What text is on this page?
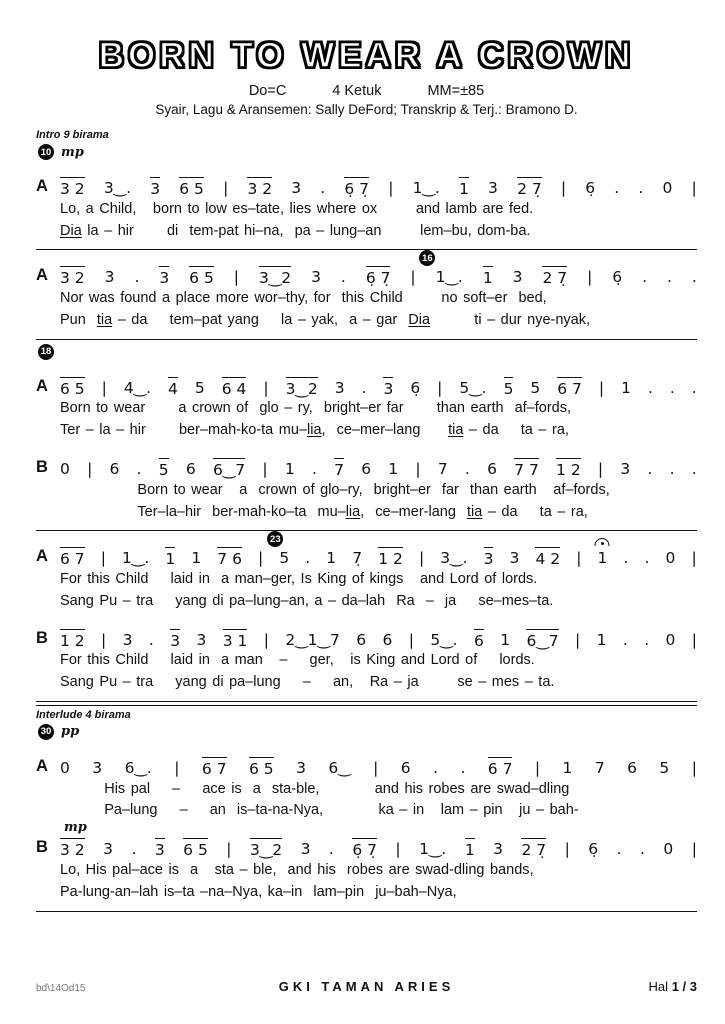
BORN TO WEAR A CROWN
Do=C	4 Ketuk	MM=±85
Syair, Lagu & Aransemen: Sally DeFord; Transkrip & Terj.: Bramono D.
Intro 9 birama
10 mp
A 3 2 3‿. 3 6 5 | 3 2 3 . 6̣ 7̣ | 1‿. 1 3 2 7̣ | 6̣ . . 0 |
Lo, a Child,   born to low es–tate, lies where ox       and lamb are fed.
Dia la – hir      di  tem-pat hi–na,  pa – lung–an       lem–bu, dom-ba.
16
A 3 2 3 . 3 6 5 | 3‿2 3 . 6̣ 7̣ | 1‿. 1 3 2 7̣ | 6̣ . . .
Nor was found a place more wor–thy, for  this Child       no soft–er  bed,
Pun  tia – da    tem–pat yang    la – yak,  a – gar  Dia        ti – dur nye-nyak,
18
A 6 5 | 4‿. 4 5 6 4 | 3‿2 3 . 3 6̣ | 5‿. 5 5 6 7 | 1 . . .
Born to wear      a crown of  glo – ry,  bright–er far      than earth  af–fords,
Ter – la – hir      ber–mah-ko-ta mu–lia,  ce–mer–lang     tia – da    ta – ra,
B 0 | 6 . 5 6 6‿7 | 1 . 7 6 1 | 7 . 6 7 7 1 2 | 3 . . .
Born to wear   a  crown of glo–ry,  bright–er  far  than earth   af–fords,
Ter–la–hir  ber-mah-ko–ta  mu–lia,  ce–mer-lang  tia – da    ta – ra,
23
A 6 7 | 1‿. 1 1 7 6 | 5 . 1 7̣ 1 2 | 3‿. 3 3 4 2 | 1 . . 0 |
For this Child    laid in  a man–ger, Is King of kings   and Lord of lords.
Sang Pu – tra    yang di pa–lung–an, a – da–lah  Ra  –  ja    se–mes–ta.
B 1 2 | 3 . 3 3 3 1 | 2‿1‿7 6 6 | 5‿. 6 1 6‿7 | 1 . . 0 |
For this Child    laid in  a man   –    ger,   is King and Lord of    lords.
Sang Pu – tra    yang di pa–lung    –    an,   Ra – ja       se – mes – ta.
Interlude 4 birama
30 pp
A 0 3 6‿. | 6 7 6 5 3 6‿ | 6 . . 6 7 | 1 7 6 5 |
His pal    –    ace is  a  sta-ble,          and his robes are swad–dling
Pa–lung    –    an  is–ta-na-Nya,          ka – in   lam – pin   ju – bah-
mp
B 3 2 3 . 3 6 5 | 3‿2 3 . 6̣ 7̣ | 1‿. 1 3 2 7̣ | 6̣ . . 0 |
Lo, His pal–ace is  a   sta – ble,  and his  robes are swad-dling bands,
Pa-lung-an–lah is–ta –na–Nya, ka–in  lam–pin  ju–bah–Nya,
bd\14Od15	GKI TAMAN ARIES	Hal 1 / 3
